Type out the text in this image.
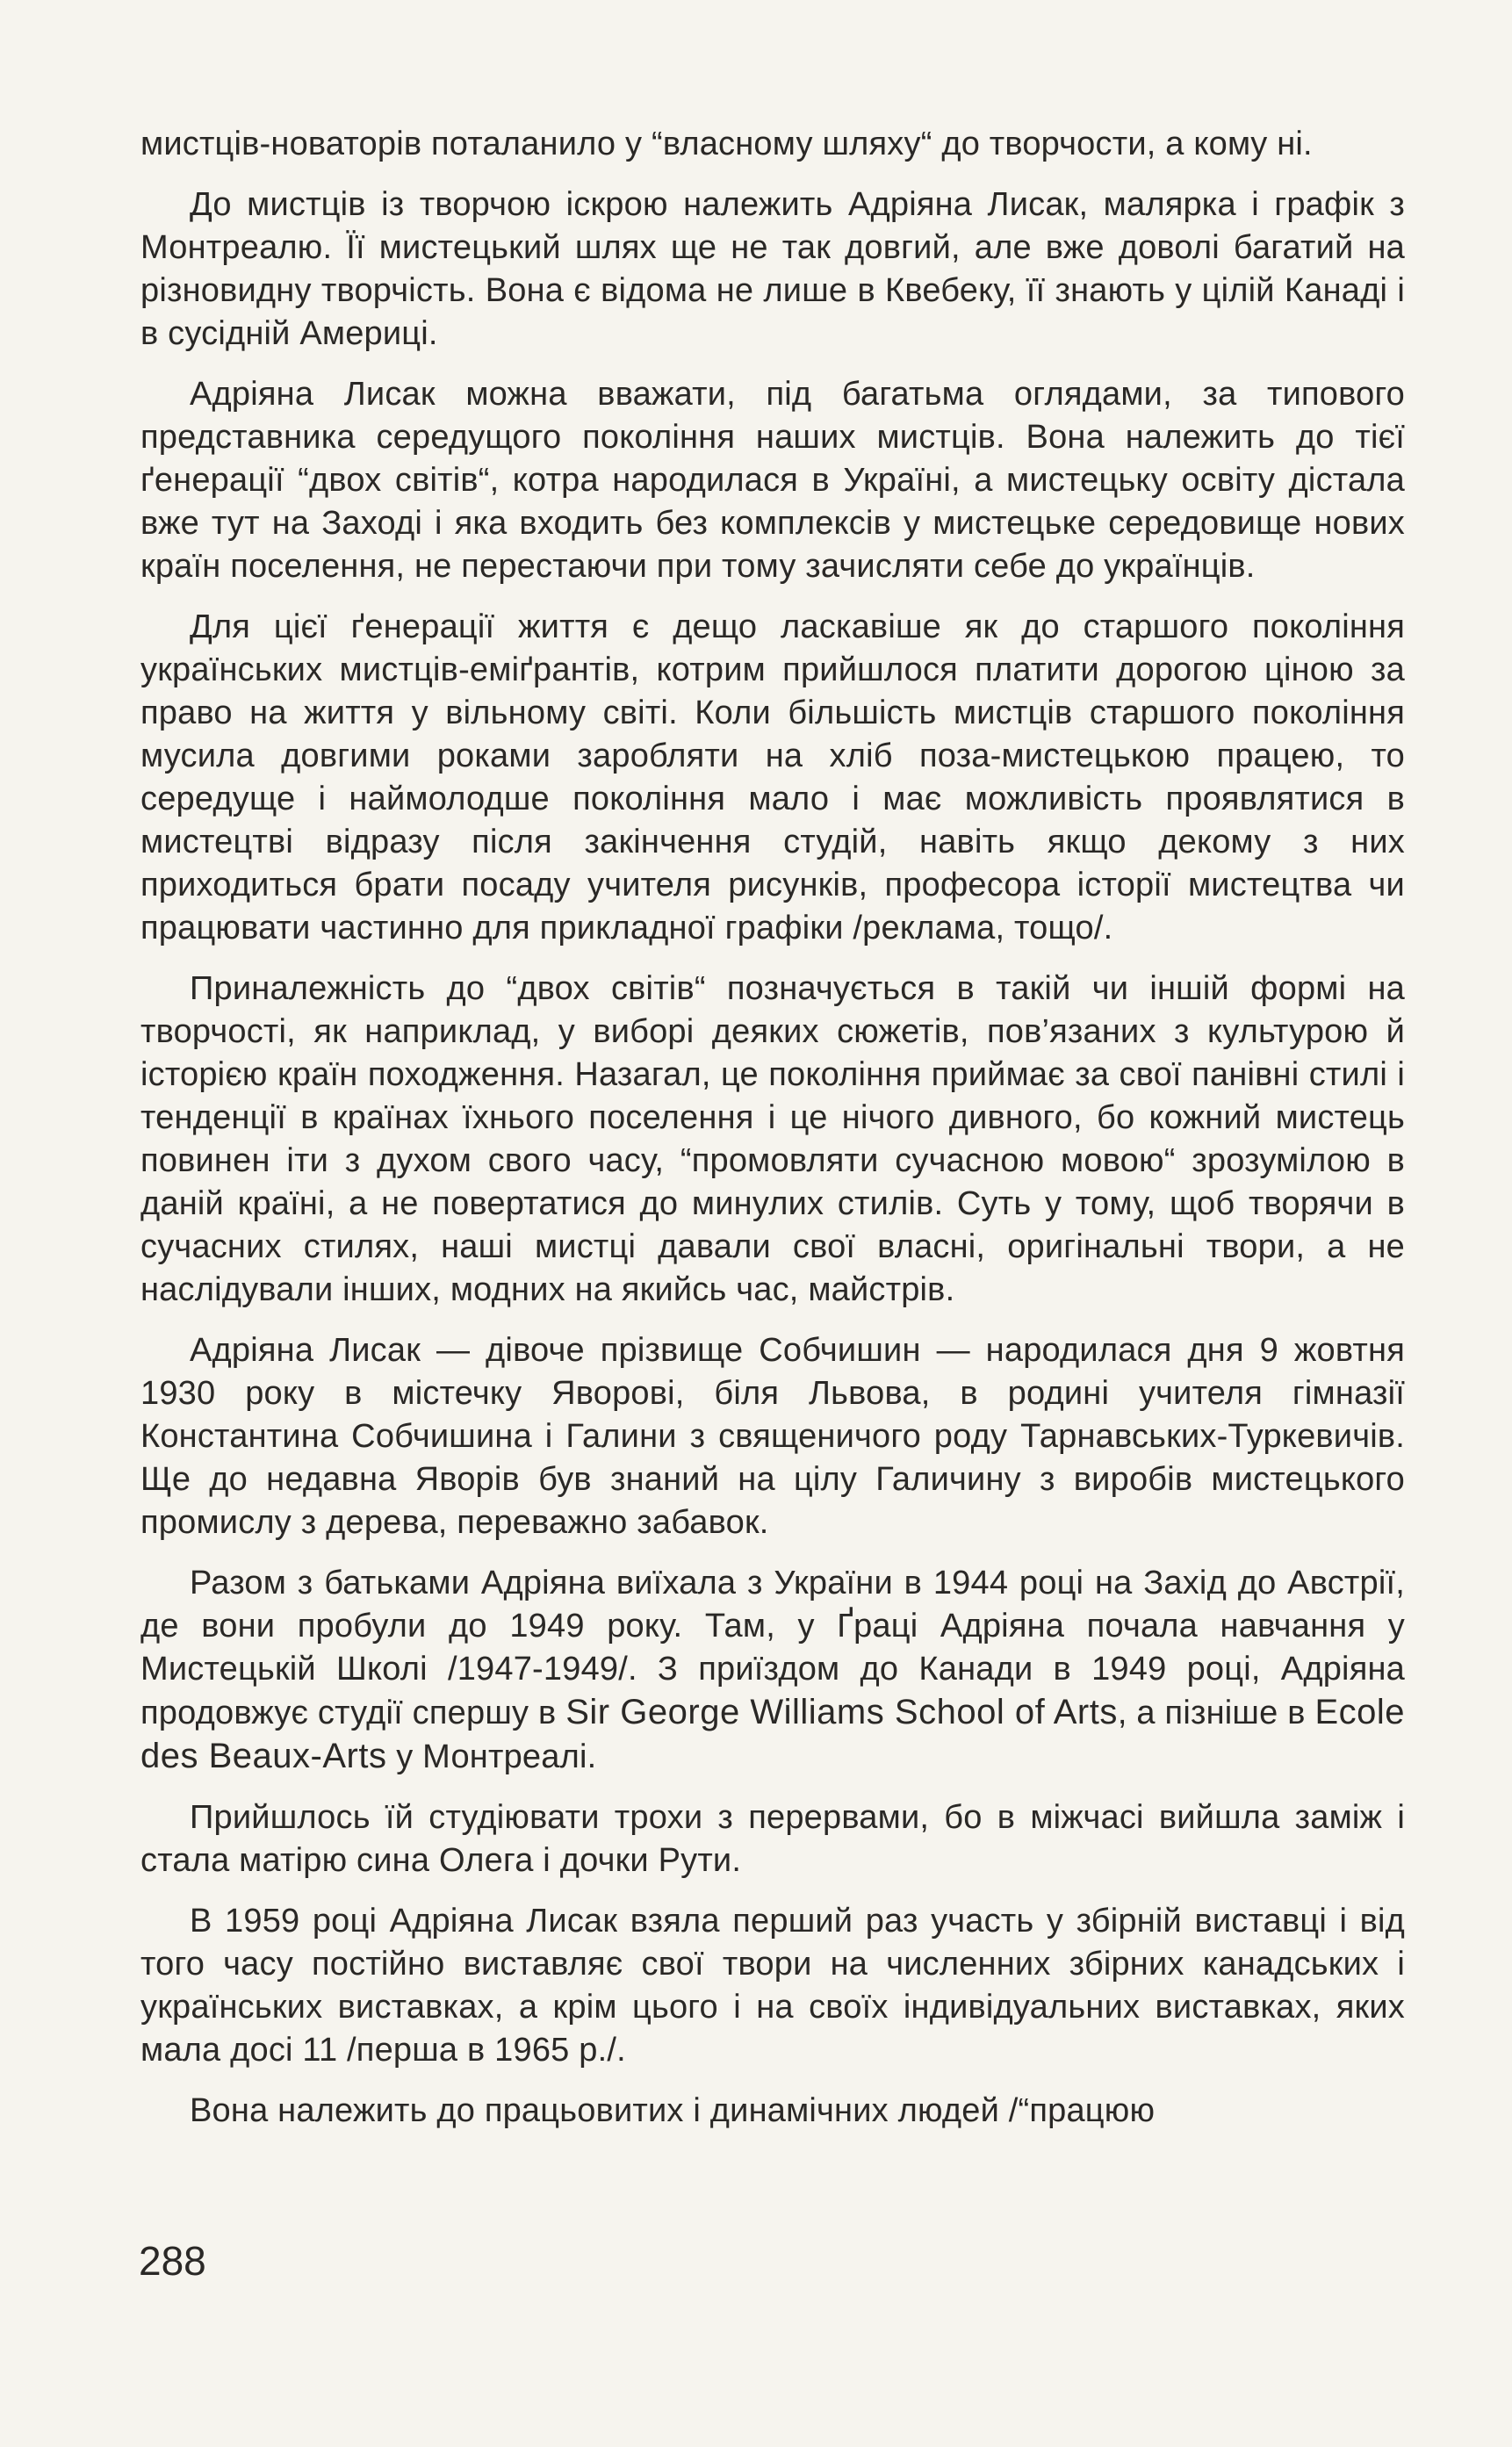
мистців-новаторів поталанило у “власному шляху“ до творчости, а комy ні.

До мистців із творчою іскрою належить Адріяна Лисак, малярка і графік з Монтреалю. Її мистецький шлях ще не так довгий, але вже доволі багатий на різновидну творчість. Вона є відома не лише в Квебеку, її знають у цілій Канаді і в сусідній Америці.

Адріяна Лисак можна вважати, під багатьма оглядами, за типового представника середущого покоління наших мистців. Вона належить до тієї ґенерації “двох світів“, котра народилася в Україні, а мистецьку освіту дістала вже тут на Заході і яка входить без комплексів у мистецьке середовище нових країн поселення, не перестаючи при тому зачисляти себе до українців.

Для цієї ґенерації життя є дещо ласкавіше як до старшого покоління українських мистців-еміґрантів, котрим прийшлося платити дорогою ціною за право на життя у вільному світі. Коли більшість мистців старшого покоління мусила довгими роками заробляти на хліб поза-мистецькою працею, то середуще і наймолодше покоління мало і має можливість проявлятися в мистецтві відразу після закінчення студій, навіть якщо декому з них приходиться брати посаду учителя рисунків, професора історії мистецтва чи працювати частинно для прикладної графіки /реклама, тощо/.

Приналежність до “двох світів“ позначується в такій чи іншій формі на творчості, як наприклад, у виборі деяких сюжетів, пов’язаних з культурою й історією країн походження. Назагал, це покоління приймає за свої панівні стилі і тенденції в країнах їхнього поселення і це нічого дивного, бо кожний мистець повинен іти з духом свого часу, “промовляти сучасною мовою“ зрозумілою в даній країні, а не повертатися до минулих стилів. Суть у тому, щоб творячи в сучасних стилях, наші мистці давали свої власні, оригінальні твори, а не наслідували інших, модних на якийсь час, майстрів.

Адріяна Лисак — дівоче прізвище Собчишин — народилася дня 9 жовтня 1930 року в містечку Яворові, біля Львова, в родині учителя гімназії Константина Собчишина і Галини з священичого роду Тарнавських-Туркевичів. Ще до недавна Яворів був знаний на цілу Галичину з виробів мистецького промислу з дерева, переважно забавок.

Разом з батьками Адріяна виїхала з України в 1944 році на Захід до Австрії, де вони пробули до 1949 року. Там, у Ґраці Адріяна почала навчання у Мистецькій Школі /1947-1949/. З приїздом до Канади в 1949 році, Адріяна продовжує студії спершу в Sir George Williams School of Arts, а пізніше в Ecole des Beaux-Arts у Монтреалі.

Прийшлось їй студіювати трохи з перервами, бо в міжчасі вийшла заміж і стала матірю сина Олега і дочки Рути.

В 1959 році Адріяна Лисак взяла перший раз участь у збірній виставці і від того часу постійно виставляє свої твори на численних збірних канадських і українських виставках, а крім цього і на своїх індивідуальних виставках, яких мала досі 11 /перша в 1965 р./.

Вона належить до працьовитих і динамічних людей /“працюю

288
